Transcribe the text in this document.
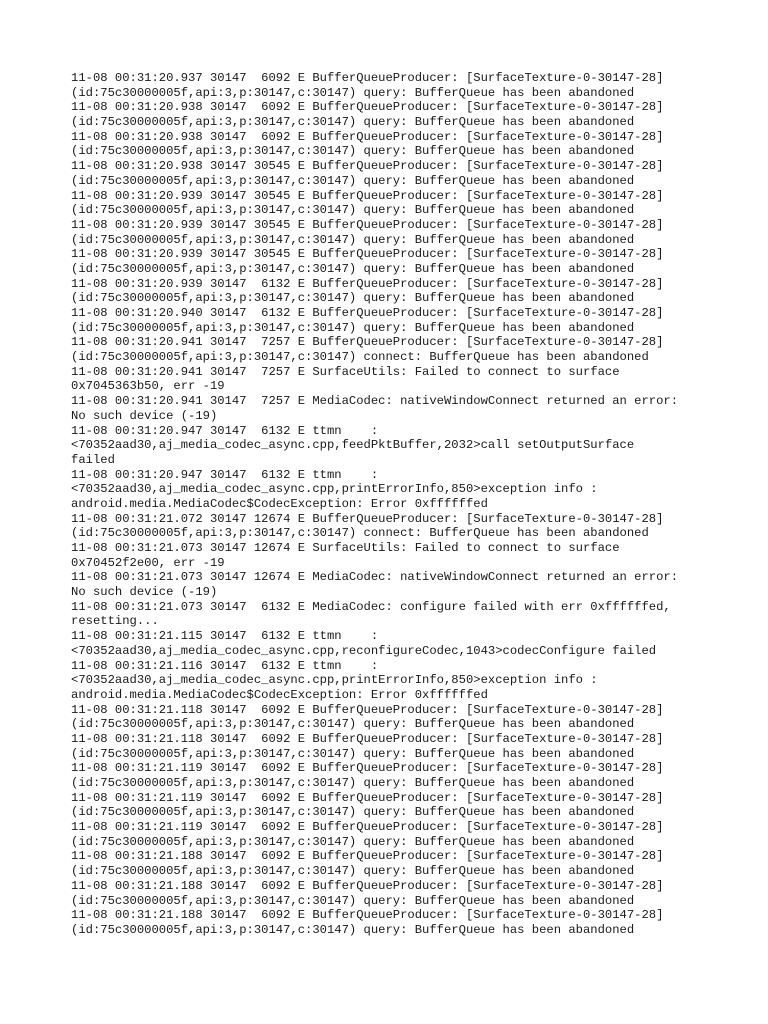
11-08 00:31:20.937 30147  6092 E BufferQueueProducer: [SurfaceTexture-0-30147-28]
(id:75c30000005f,api:3,p:30147,c:30147) query: BufferQueue has been abandoned
11-08 00:31:20.938 30147  6092 E BufferQueueProducer: [SurfaceTexture-0-30147-28]
(id:75c30000005f,api:3,p:30147,c:30147) query: BufferQueue has been abandoned
11-08 00:31:20.938 30147  6092 E BufferQueueProducer: [SurfaceTexture-0-30147-28]
(id:75c30000005f,api:3,p:30147,c:30147) query: BufferQueue has been abandoned
11-08 00:31:20.938 30147 30545 E BufferQueueProducer: [SurfaceTexture-0-30147-28]
(id:75c30000005f,api:3,p:30147,c:30147) query: BufferQueue has been abandoned
11-08 00:31:20.939 30147 30545 E BufferQueueProducer: [SurfaceTexture-0-30147-28]
(id:75c30000005f,api:3,p:30147,c:30147) query: BufferQueue has been abandoned
11-08 00:31:20.939 30147 30545 E BufferQueueProducer: [SurfaceTexture-0-30147-28]
(id:75c30000005f,api:3,p:30147,c:30147) query: BufferQueue has been abandoned
11-08 00:31:20.939 30147 30545 E BufferQueueProducer: [SurfaceTexture-0-30147-28]
(id:75c30000005f,api:3,p:30147,c:30147) query: BufferQueue has been abandoned
11-08 00:31:20.939 30147  6132 E BufferQueueProducer: [SurfaceTexture-0-30147-28]
(id:75c30000005f,api:3,p:30147,c:30147) query: BufferQueue has been abandoned
11-08 00:31:20.940 30147  6132 E BufferQueueProducer: [SurfaceTexture-0-30147-28]
(id:75c30000005f,api:3,p:30147,c:30147) query: BufferQueue has been abandoned
11-08 00:31:20.941 30147  7257 E BufferQueueProducer: [SurfaceTexture-0-30147-28]
(id:75c30000005f,api:3,p:30147,c:30147) connect: BufferQueue has been abandoned
11-08 00:31:20.941 30147  7257 E SurfaceUtils: Failed to connect to surface
0x7045363b50, err -19
11-08 00:31:20.941 30147  7257 E MediaCodec: nativeWindowConnect returned an error:
No such device (-19)
11-08 00:31:20.947 30147  6132 E ttmn    :
<70352aad30,aj_media_codec_async.cpp,feedPktBuffer,2032>call setOutputSurface
failed
11-08 00:31:20.947 30147  6132 E ttmn    :
<70352aad30,aj_media_codec_async.cpp,printErrorInfo,850>exception info :
android.media.MediaCodec$CodecException: Error 0xffffffed
11-08 00:31:21.072 30147 12674 E BufferQueueProducer: [SurfaceTexture-0-30147-28]
(id:75c30000005f,api:3,p:30147,c:30147) connect: BufferQueue has been abandoned
11-08 00:31:21.073 30147 12674 E SurfaceUtils: Failed to connect to surface
0x70452f2e00, err -19
11-08 00:31:21.073 30147 12674 E MediaCodec: nativeWindowConnect returned an error:
No such device (-19)
11-08 00:31:21.073 30147  6132 E MediaCodec: configure failed with err 0xffffffed,
resetting...
11-08 00:31:21.115 30147  6132 E ttmn    :
<70352aad30,aj_media_codec_async.cpp,reconfigureCodec,1043>codecConfigure failed
11-08 00:31:21.116 30147  6132 E ttmn    :
<70352aad30,aj_media_codec_async.cpp,printErrorInfo,850>exception info :
android.media.MediaCodec$CodecException: Error 0xffffffed
11-08 00:31:21.118 30147  6092 E BufferQueueProducer: [SurfaceTexture-0-30147-28]
(id:75c30000005f,api:3,p:30147,c:30147) query: BufferQueue has been abandoned
11-08 00:31:21.118 30147  6092 E BufferQueueProducer: [SurfaceTexture-0-30147-28]
(id:75c30000005f,api:3,p:30147,c:30147) query: BufferQueue has been abandoned
11-08 00:31:21.119 30147  6092 E BufferQueueProducer: [SurfaceTexture-0-30147-28]
(id:75c30000005f,api:3,p:30147,c:30147) query: BufferQueue has been abandoned
11-08 00:31:21.119 30147  6092 E BufferQueueProducer: [SurfaceTexture-0-30147-28]
(id:75c30000005f,api:3,p:30147,c:30147) query: BufferQueue has been abandoned
11-08 00:31:21.119 30147  6092 E BufferQueueProducer: [SurfaceTexture-0-30147-28]
(id:75c30000005f,api:3,p:30147,c:30147) query: BufferQueue has been abandoned
11-08 00:31:21.188 30147  6092 E BufferQueueProducer: [SurfaceTexture-0-30147-28]
(id:75c30000005f,api:3,p:30147,c:30147) query: BufferQueue has been abandoned
11-08 00:31:21.188 30147  6092 E BufferQueueProducer: [SurfaceTexture-0-30147-28]
(id:75c30000005f,api:3,p:30147,c:30147) query: BufferQueue has been abandoned
11-08 00:31:21.188 30147  6092 E BufferQueueProducer: [SurfaceTexture-0-30147-28]
(id:75c30000005f,api:3,p:30147,c:30147) query: BufferQueue has been abandoned
